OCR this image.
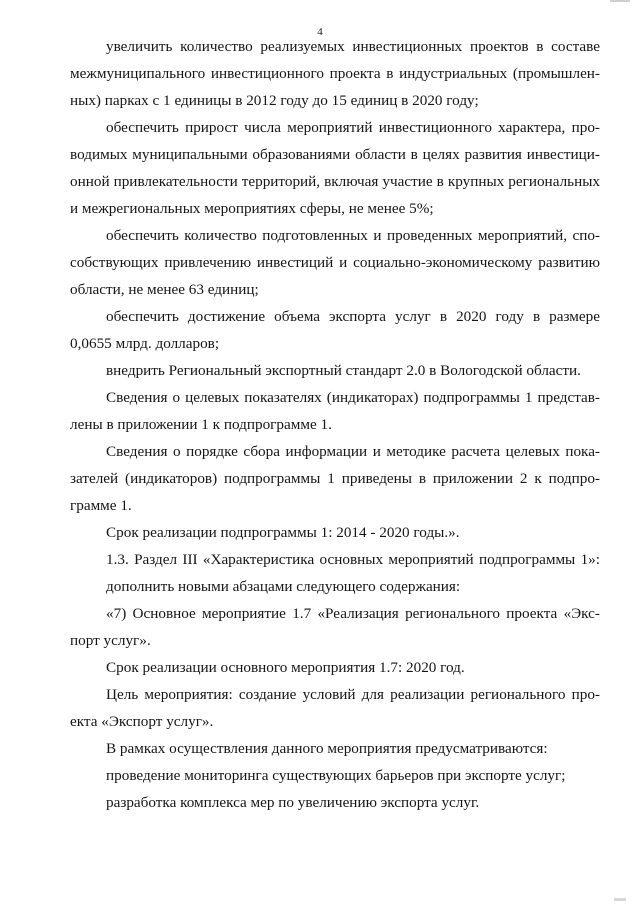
4
увеличить количество реализуемых инвестиционных проектов в составе
межмуниципального инвестиционного проекта в индустриальных (промышлен-
ных) парках с 1 единицы в 2012 году до 15 единиц в 2020 году;
обеспечить прирост числа мероприятий инвестиционного характера, про-
водимых муниципальными образованиями области в целях развития инвестици-
онной привлекательности территорий, включая участие в крупных региональных
и межрегиональных мероприятиях сферы, не менее 5%;
обеспечить количество подготовленных и проведенных мероприятий, спо-
собствующих привлечению инвестиций и социально-экономическому развитию
области, не менее 63 единиц;
обеспечить достижение объема экспорта услуг в 2020 году в размере
0,0655 млрд. долларов;
внедрить Региональный экспортный стандарт 2.0 в Вологодской области.
Сведения о целевых показателях (индикаторах) подпрограммы 1 представ-
лены в приложении 1 к подпрограмме 1.
Сведения о порядке сбора информации и методике расчета целевых пока-
зателей (индикаторов) подпрограммы 1 приведены в приложении 2 к подпро-
грамме 1.
Срок реализации подпрограммы 1: 2014 - 2020 годы.».
1.3. Раздел III «Характеристика основных мероприятий подпрограммы 1»:
дополнить новыми абзацами следующего содержания:
«7) Основное мероприятие 1.7 «Реализация регионального проекта «Экс-
порт услуг».
Срок реализации основного мероприятия 1.7: 2020 год.
Цель мероприятия: создание условий для реализации регионального про-
екта «Экспорт услуг».
В рамках осуществления данного мероприятия предусматриваются:
проведение мониторинга существующих барьеров при экспорте услуг;
разработка комплекса мер по увеличению экспорта услуг.
